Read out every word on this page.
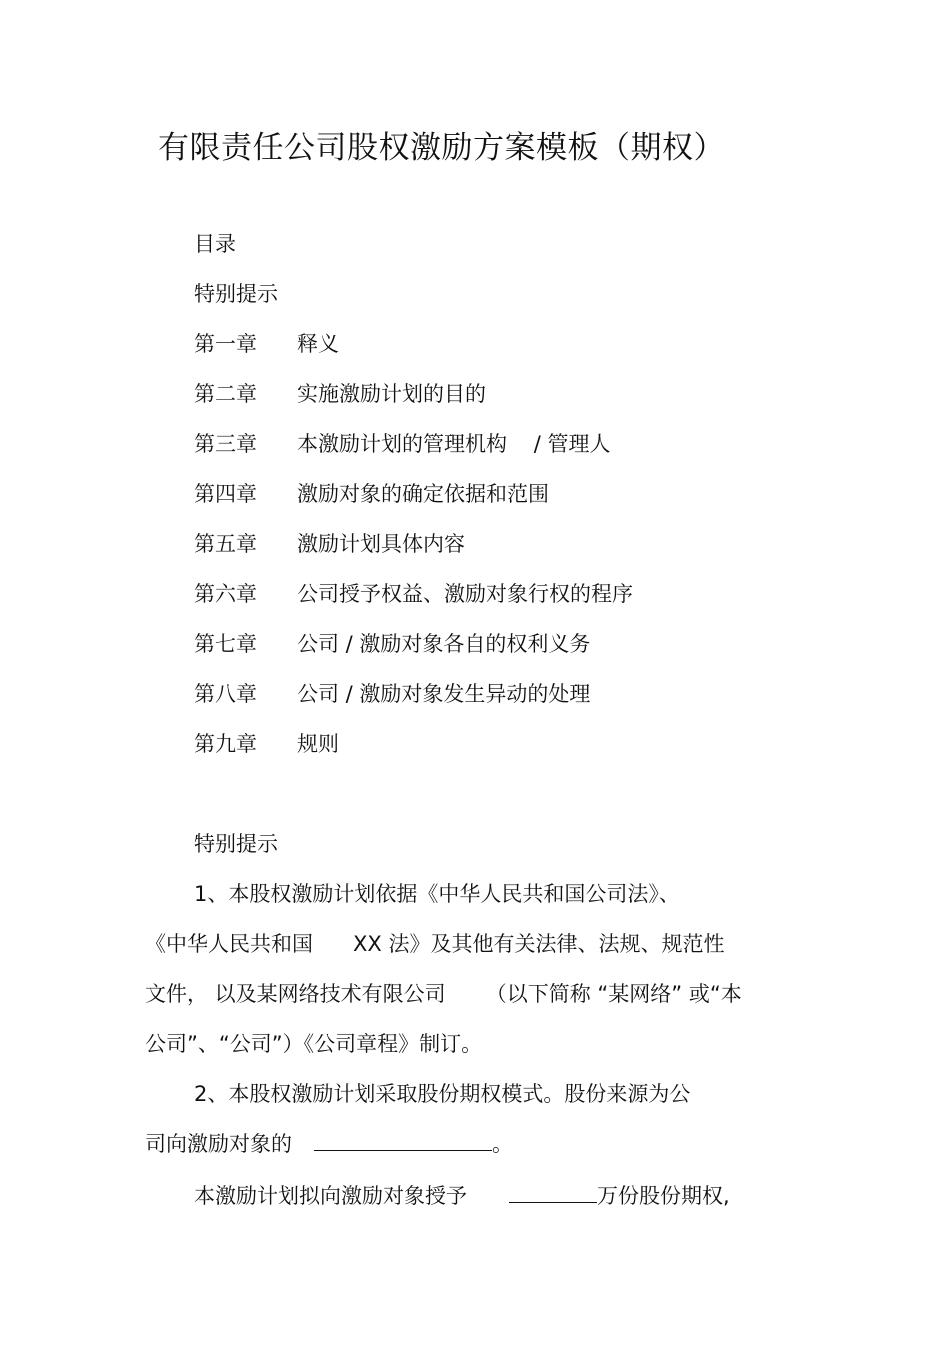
有限责任公司股权激励方案模板（期权）
目录
特别提示
第一章 释义
第二章 实施激励计划的目的
第三章 本激励计划的管理机构    / 管理人
第四章 激励对象的确定依据和范围
第五章 激励计划具体内容
第六章 公司授予权益、激励对象行权的程序
第七章 公司 / 激励对象各自的权利义务
第八章 公司 / 激励对象发生异动的处理
第九章 规则
特别提示
1、本股权激励计划依据《中华人民共和国公司法》、
《中华人民共和国      XX 法》及其他有关法律、法规、规范性
文件， 以及某网络技术有限公司      （以下简称 “某网络” 或“本
公司”、“公司”）《公司章程》制订。
2、本股权激励计划采取股份期权模式。股份来源为公
司向激励对象的	。
本激励计划拟向激励对象授予	万份股份期权,
